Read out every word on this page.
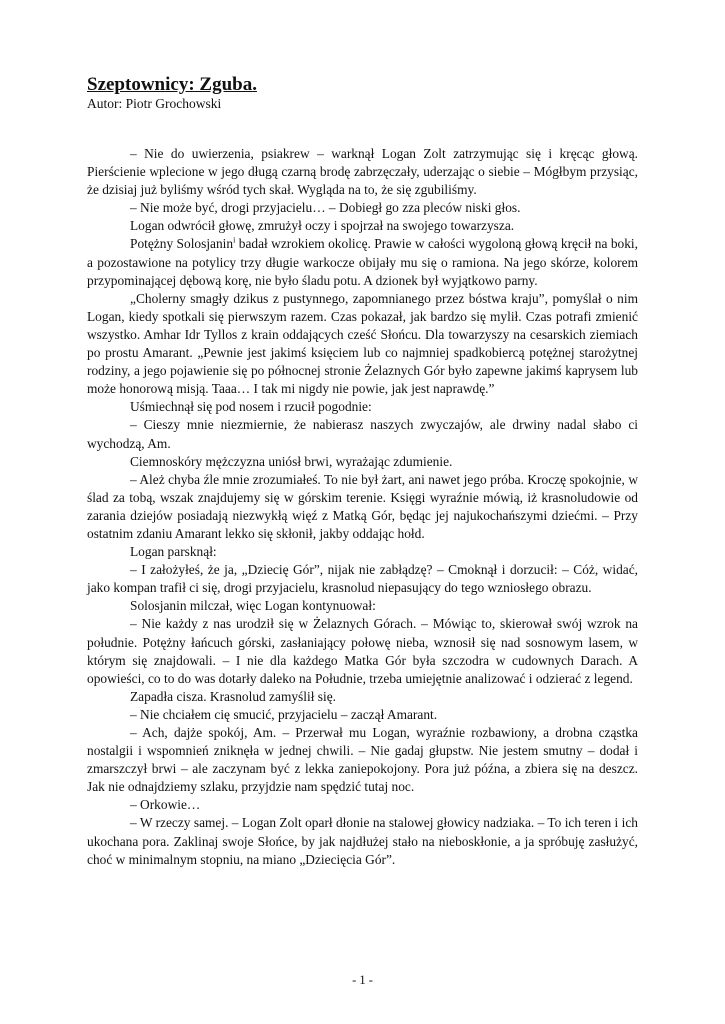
Szeptownicy: Zguba.
Autor: Piotr Grochowski

– Nie do uwierzenia, psiakrew – warknął Logan Zolt zatrzymując się i kręcąc głową. Pierścienie wplecione w jego długą czarną brodę zabrzęczały, uderzając o siebie – Mógłbym przysiąc, że dzisiaj już byliśmy wśród tych skał. Wygląda na to, że się zgubiliśmy.

– Nie może być, drogi przyjacielu… – Dobiegł go zza pleców niski głos.

Logan odwrócił głowę, zmrużył oczy i spojrzał na swojego towarzysza.

Potężny Solosjanin$^i$ badał wzrokiem okolicę. Prawie w całości wygoloną głową kręcił na boki, a pozostawione na potylicy trzy długie warkocze obijały mu się o ramiona. Na jego skórze, kolorem przypominającej dębową korę, nie było śladu potu. A dzionek był wyjątkowo parny.

„Cholerny smagły dzikus z pustynnego, zapomnianego przez bóstwa kraju”, pomyślał o nim Logan, kiedy spotkali się pierwszym razem. Czas pokazał, jak bardzo się mylił. Czas potrafi zmienić wszystko. Amhar Idr Tyllos z krain oddających cześć Słońcu. Dla towarzyszy na cesarskich ziemiach po prostu Amarant. „Pewnie jest jakimś księciem lub co najmniej spadkobiercą potężnej starożytnej rodziny, a jego pojawienie się po północnej stronie Żelaznych Gór było zapewne jakimś kaprysem lub może honorową misją. Taaa… I tak mi nigdy nie powie, jak jest naprawdę.”

Uśmiechnął się pod nosem i rzucił pogodnie:

– Cieszy mnie niezmiernie, że nabierasz naszych zwyczajów, ale drwiny nadal słabo ci wychodzą, Am.

Ciemnoskóry mężczyzna uniósł brwi, wyrażając zdumienie.

– Ależ chyba źle mnie zrozumiałeś. To nie był żart, ani nawet jego próba. Kroczę spokojnie, w ślad za tobą, wszak znajdujemy się w górskim terenie. Księgi wyraźnie mówią, iż krasnoludowie od zarania dziejów posiadają niezwykłą więź z Matką Gór, będąc jej najukochańszymi dziećmi. – Przy ostatnim zdaniu Amarant lekko się skłonił, jakby oddając hołd.

Logan parsknął:

– I założyłeś, że ja, „Dziecię Gór”, nijak nie zabłądzę? – Cmoknął i dorzucił: – Cóż, widać, jako kompan trafił ci się, drogi przyjacielu, krasnolud niepasujący do tego wzniosłego obrazu.

Solosjanin milczał, więc Logan kontynuował:

– Nie każdy z nas urodził się w Żelaznych Górach. – Mówiąc to, skierował swój wzrok na południe. Potężny łańcuch górski, zasłaniający połowę nieba, wznosił się nad sosnowym lasem, w którym się znajdowali. – I nie dla każdego Matka Gór była szczodra w cudownych Darach. A opowieści, co to do was dotarły daleko na Południe, trzeba umiejętnie analizować i odzierać z legend.

Zapadła cisza. Krasnolud zamyślił się.

– Nie chciałem cię smucić, przyjacielu – zaczął Amarant.

– Ach, dajże spokój, Am. – Przerwał mu Logan, wyraźnie rozbawiony, a drobna cząstka nostalgii i wspomnień zniknęła w jednej chwili. – Nie gadaj głupstw. Nie jestem smutny – dodał i zmarszczył brwi – ale zaczynam być z lekka zaniepokojony. Pora już późna, a zbiera się na deszcz. Jak nie odnajdziemy szlaku, przyjdzie nam spędzić tutaj noc.

– Orkowie…

– W rzeczy samej. – Logan Zolt oparł dłonie na stalowej głowicy nadziaka. – To ich teren i ich ukochana pora. Zaklinaj swoje Słońce, by jak najdłużej stało na nieboskłonie, a ja spróbuję zasłużyć, choć w minimalnym stopniu, na miano „Dziecięcia Gór”.

- 1 -
